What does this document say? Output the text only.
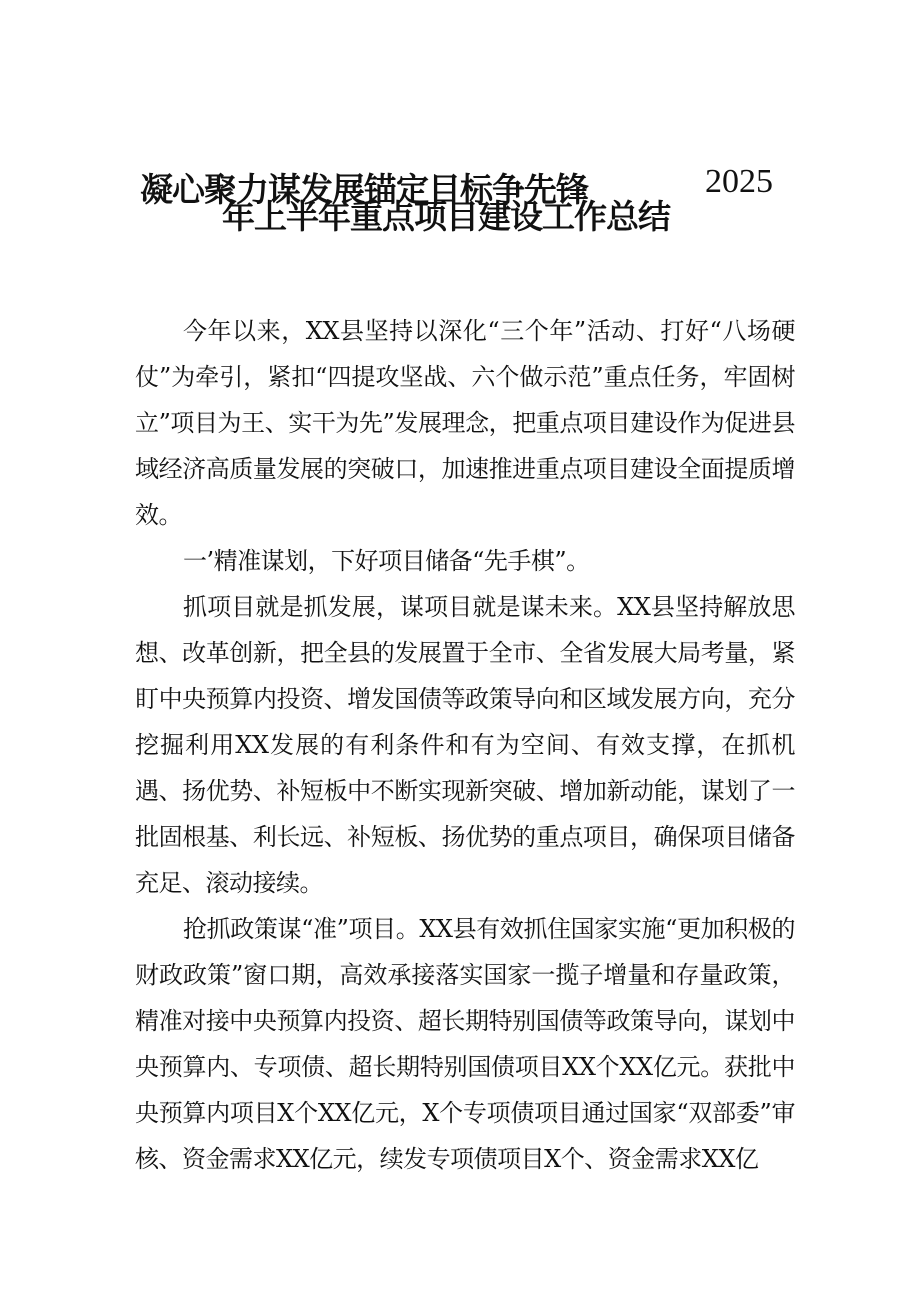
凝心聚力谋发展锚定目标争先锋	2025
年上半年重点项目建设工作总结

今年以来，XX县坚持以深化“三个年”活动、打好“八场硬仗”为牵引，紧扣“四提攻坚战、六个做示范”重点任务，牢固树立”项目为王、实干为先”发展理念，把重点项目建设作为促进县域经济高质量发展的突破口，加速推进重点项目建设全面提质增效。

一’精准谋划，下好项目储备“先手棋”。

抓项目就是抓发展，谋项目就是谋未来。XX县坚持解放思想、改革创新，把全县的发展置于全市、全省发展大局考量，紧盯中央预算内投资、增发国债等政策导向和区域发展方向，充分挖掘利用XX发展的有利条件和有为空间、有效支撑，在抓机遇、扬优势、补短板中不断实现新突破、增加新动能，谋划了一批固根基、利长远、补短板、扬优势的重点项目，确保项目储备充足、滚动接续。

抢抓政策谋“准”项目。XX县有效抓住国家实施“更加积极的财政政策”窗口期，高效承接落实国家一揽子增量和存量政策，精准对接中央预算内投资、超长期特别国债等政策导向，谋划中央预算内、专项债、超长期特别国债项目XX个XX亿元。获批中央预算内项目X个XX亿元，X个专项债项目通过国家“双部委”审核、资金需求XX亿元，续发专项债项目X个、资金需求XX亿
